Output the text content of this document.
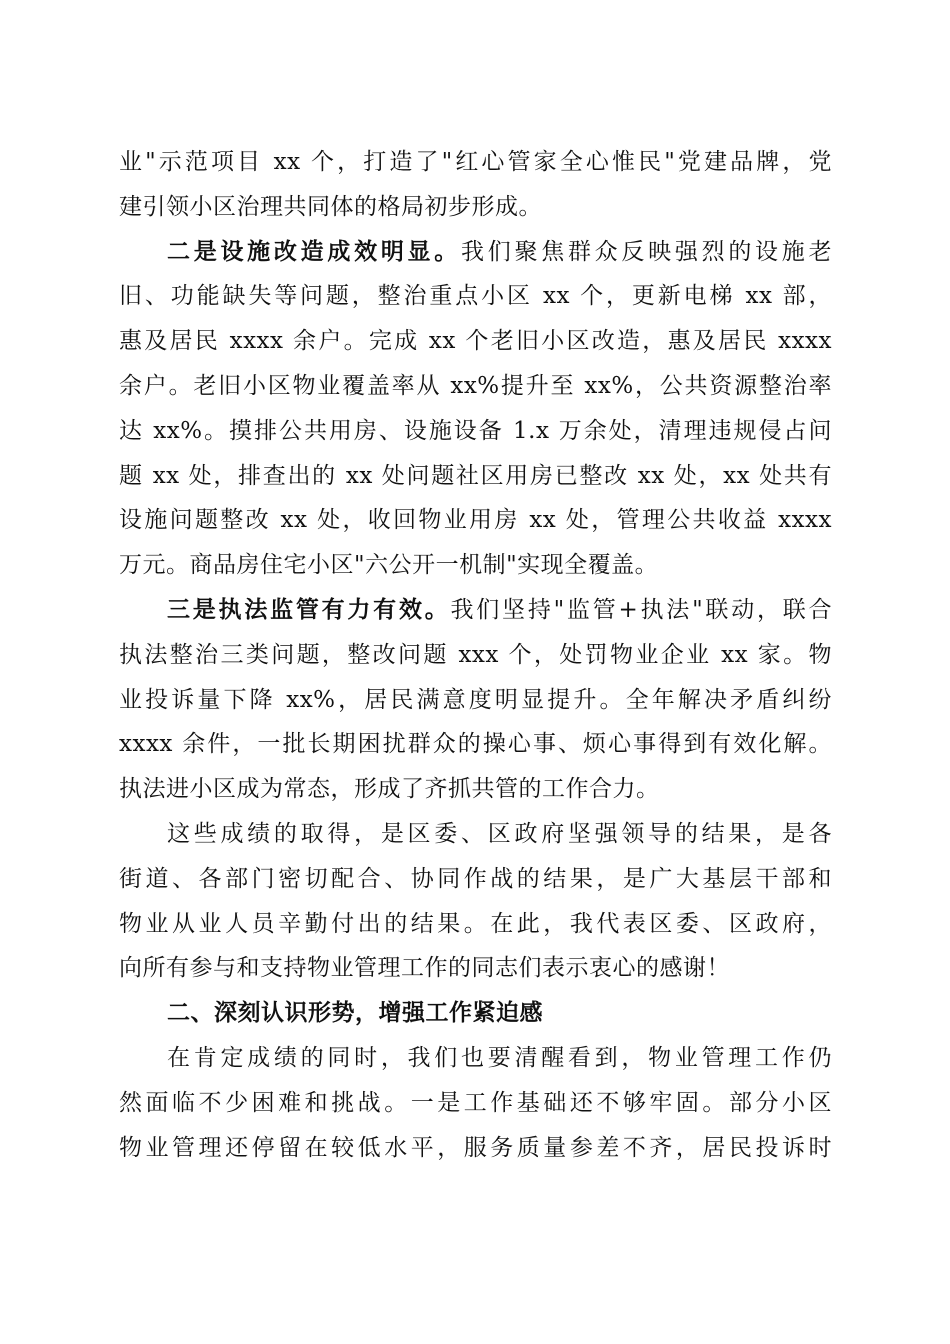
业"示范项目 xx 个，打造了"红心管家全心惟民"党建品牌，党
建引领小区治理共同体的格局初步形成。
二是设施改造成效明显。我们聚焦群众反映强烈的设施老
旧、功能缺失等问题，整治重点小区 xx 个，更新电梯 xx 部，
惠及居民 xxxx 余户。完成 xx 个老旧小区改造，惠及居民 xxxx
余户。老旧小区物业覆盖率从 xx%提升至 xx%，公共资源整治率
达 xx%。摸排公共用房、设施设备 1.x 万余处，清理违规侵占问
题 xx 处，排查出的 xx 处问题社区用房已整改 xx 处，xx 处共有
设施问题整改 xx 处，收回物业用房 xx 处，管理公共收益 xxxx
万元。商品房住宅小区"六公开一机制"实现全覆盖。
三是执法监管有力有效。我们坚持"监管+执法"联动，联合
执法整治三类问题，整改问题 xxx 个，处罚物业企业 xx 家。物
业投诉量下降 xx%，居民满意度明显提升。全年解决矛盾纠纷
xxxx 余件，一批长期困扰群众的操心事、烦心事得到有效化解。
执法进小区成为常态，形成了齐抓共管的工作合力。
这些成绩的取得，是区委、区政府坚强领导的结果，是各
街道、各部门密切配合、协同作战的结果，是广大基层干部和
物业从业人员辛勤付出的结果。在此，我代表区委、区政府，
向所有参与和支持物业管理工作的同志们表示衷心的感谢！
二、深刻认识形势，增强工作紧迫感
在肯定成绩的同时，我们也要清醒看到，物业管理工作仍
然面临不少困难和挑战。一是工作基础还不够牢固。部分小区
物业管理还停留在较低水平，服务质量参差不齐，居民投诉时
